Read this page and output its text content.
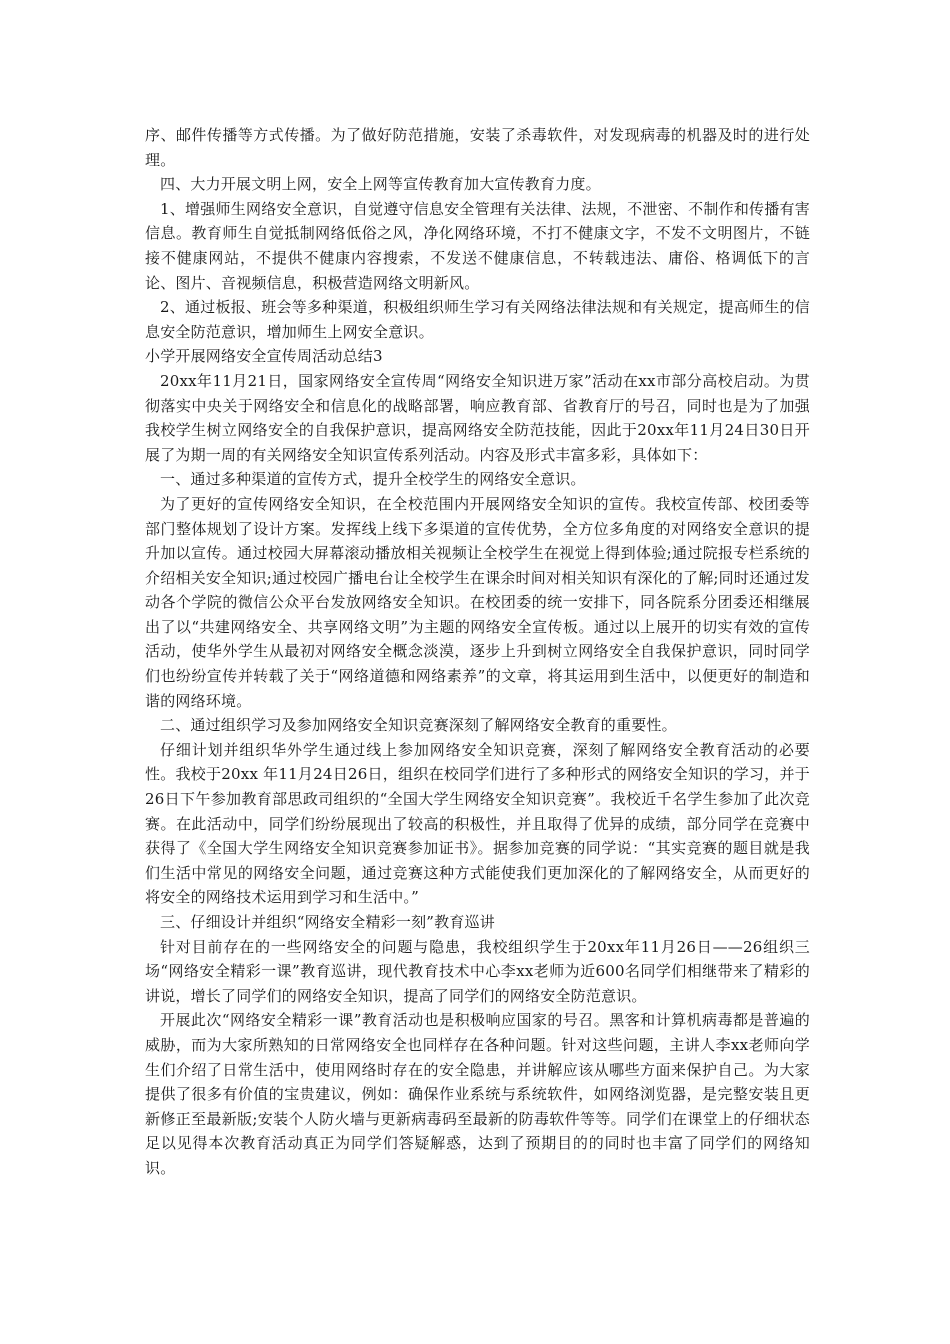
序、邮件传播等方式传播。为了做好防范措施，安装了杀毒软件，对发现病毒的机器及时的进行处理。

四、大力开展文明上网，安全上网等宣传教育加大宣传教育力度。

1、增强师生网络安全意识，自觉遵守信息安全管理有关法律、法规，不泄密、不制作和传播有害信息。教育师生自觉抵制网络低俗之风，净化网络环境，不打不健康文字，不发不文明图片，不链接不健康网站，不提供不健康内容搜索，不发送不健康信息，不转载违法、庸俗、格调低下的言论、图片、音视频信息，积极营造网络文明新风。

2、通过板报、班会等多种渠道，积极组织师生学习有关网络法律法规和有关规定，提高师生的信息安全防范意识，增加师生上网安全意识。

小学开展网络安全宣传周活动总结3

20xx年11月21日，国家网络安全宣传周“网络安全知识进万家”活动在xx市部分高校启动。为贯彻落实中央关于网络安全和信息化的战略部署，响应教育部、省教育厅的号召，同时也是为了加强我校学生树立网络安全的自我保护意识，提高网络安全防范技能，因此于20xx年11月24日30日开展了为期一周的有关网络安全知识宣传系列活动。内容及形式丰富多彩，具体如下：

一、通过多种渠道的宣传方式，提升全校学生的网络安全意识。

为了更好的宣传网络安全知识，在全校范围内开展网络安全知识的宣传。我校宣传部、校团委等部门整体规划了设计方案。发挥线上线下多渠道的宣传优势，全方位多角度的对网络安全意识的提升加以宣传。通过校园大屏幕滚动播放相关视频让全校学生在视觉上得到体验;通过院报专栏系统的介绍相关安全知识;通过校园广播电台让全校学生在课余时间对相关知识有深化的了解;同时还通过发动各个学院的微信公众平台发放网络安全知识。在校团委的统一安排下，同各院系分团委还相继展出了以“共建网络安全、共享网络文明”为主题的网络安全宣传板。通过以上展开的切实有效的宣传活动，使华外学生从最初对网络安全概念淡漠，逐步上升到树立网络安全自我保护意识，同时同学们也纷纷宣传并转载了关于“网络道德和网络素养”的文章，将其运用到生活中，以便更好的制造和谐的网络环境。

二、通过组织学习及参加网络安全知识竞赛深刻了解网络安全教育的重要性。

仔细计划并组织华外学生通过线上参加网络安全知识竞赛，深刻了解网络安全教育活动的必要性。我校于20xx 年11月24日26日，组织在校同学们进行了多种形式的网络安全知识的学习，并于26日下午参加教育部思政司组织的“全国大学生网络安全知识竞赛”。我校近千名学生参加了此次竞赛。在此活动中，同学们纷纷展现出了较高的积极性，并且取得了优异的成绩，部分同学在竞赛中获得了《全国大学生网络安全知识竞赛参加证书》。据参加竞赛的同学说：“其实竞赛的题目就是我们生活中常见的网络安全问题，通过竞赛这种方式能使我们更加深化的了解网络安全，从而更好的将安全的网络技术运用到学习和生活中。”

三、仔细设计并组织“网络安全精彩一刻”教育巡讲

针对目前存在的一些网络安全的问题与隐患，我校组织学生于20xx年11月26日——26组织三场“网络安全精彩一课”教育巡讲，现代教育技术中心李xx老师为近600名同学们相继带来了精彩的讲说，增长了同学们的网络安全知识，提高了同学们的网络安全防范意识。

开展此次“网络安全精彩一课”教育活动也是积极响应国家的号召。黑客和计算机病毒都是普遍的威胁，而为大家所熟知的日常网络安全也同样存在各种问题。针对这些问题，主讲人李xx老师向学生们介绍了日常生活中，使用网络时存在的安全隐患，并讲解应该从哪些方面来保护自己。为大家提供了很多有价值的宝贵建议，例如：确保作业系统与系统软件，如网络浏览器，是完整安装且更新修正至最新版;安装个人防火墙与更新病毒码至最新的防毒软件等等。同学们在课堂上的仔细状态足以见得本次教育活动真正为同学们答疑解惑，达到了预期目的的同时也丰富了同学们的网络知识。
